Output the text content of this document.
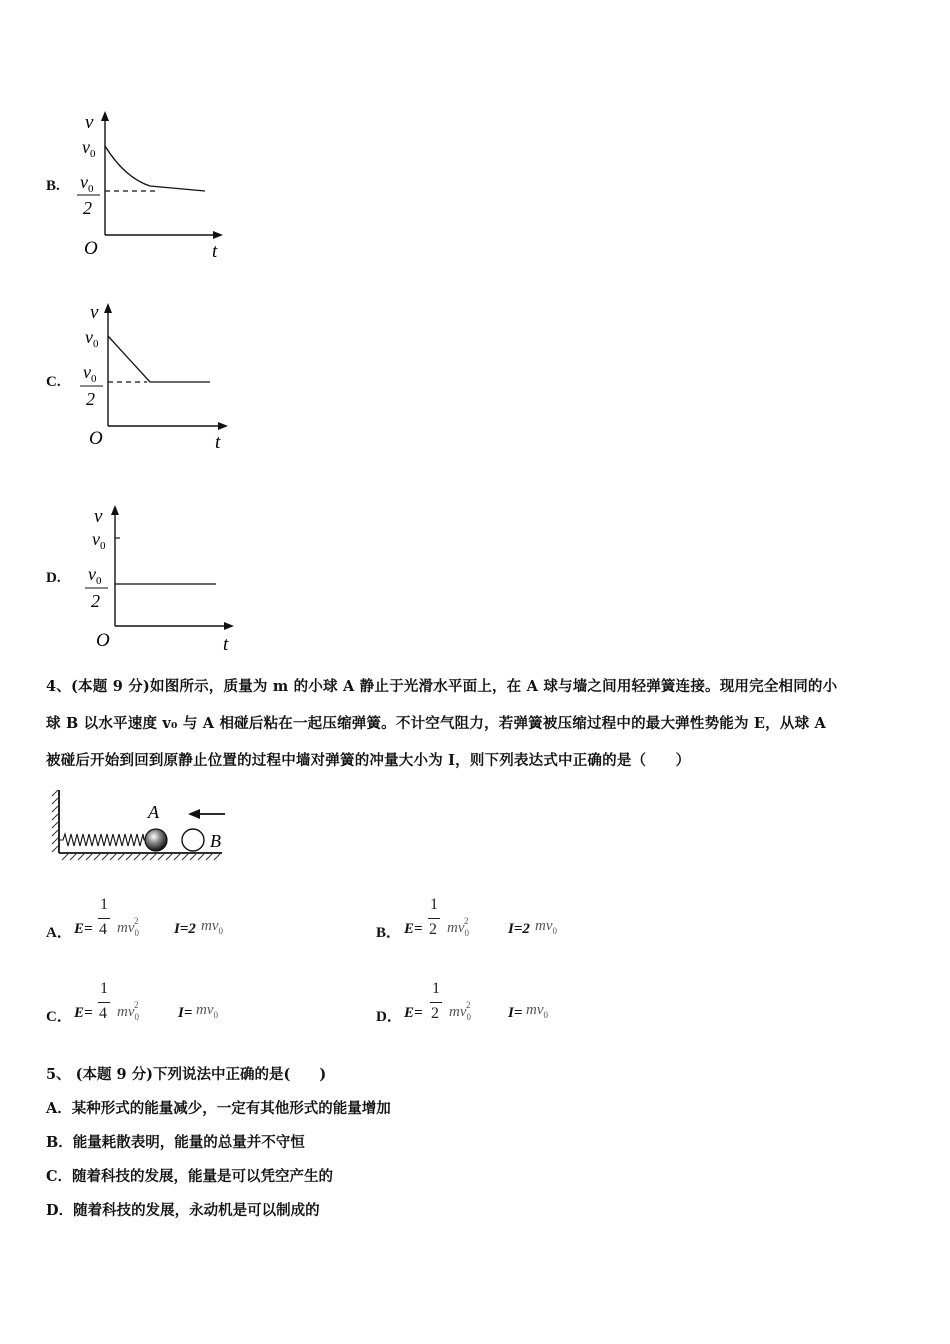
B.
v
$v_0$
$v_0$
2
O	t
C.
v
$v_0$
$v_0$
2
O	t
D.
v
$v_0$
$v_0$
2
O	t
4、(本题 9 分)如图所示，质量为 m 的小球 A 静止于光滑水平面上，在 A 球与墙之间用轻弹簧连接。现用完全相同的小
球 B 以水平速度 v₀ 与 A 相碰后粘在一起压缩弹簧。不计空气阻力，若弹簧被压缩过程中的最大弹性势能为 E，从球 A
被碰后开始到回到原静止位置的过程中墙对弹簧的冲量大小为 I，则下列表达式中正确的是（　　）
A
B
A． E=
1
4 $mv_0^2$	I=2 $mv_0$	B． E=
1
2 $mv_0^2$	I=2 $mv_0$
C． E=
1
4 $mv_0^2$	$I= mv_0$	D． E=
1
2 $mv_0^2$	$I= mv_0$
5、 (本题 9 分)下列说法中正确的是(　　)
A．某种形式的能量减少，一定有其他形式的能量增加
B．能量耗散表明，能量的总量并不守恒
C．随着科技的发展，能量是可以凭空产生的
D．随着科技的发展，永动机是可以制成的
